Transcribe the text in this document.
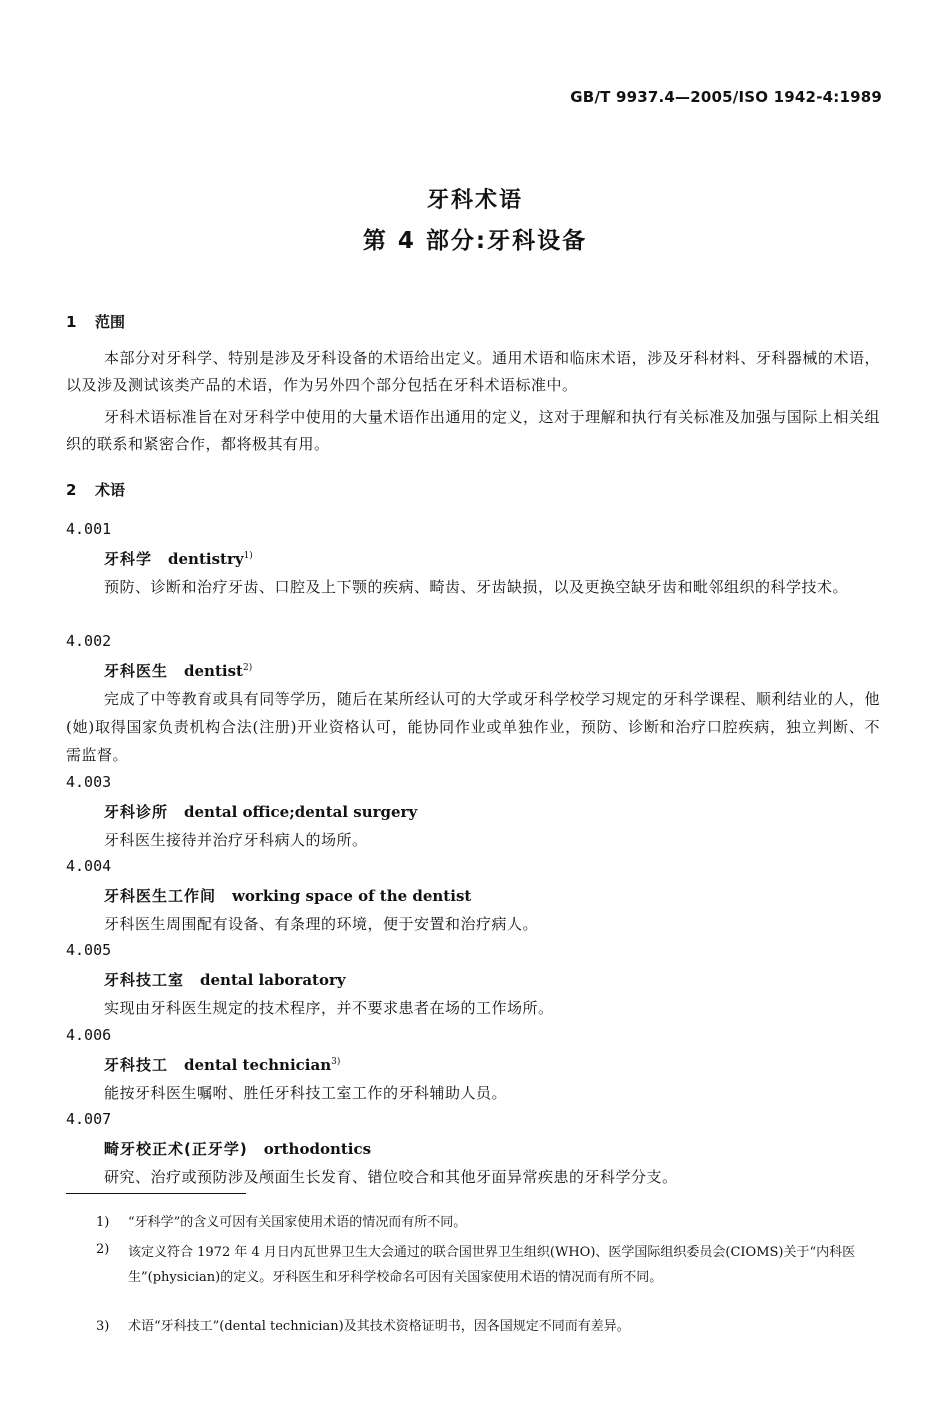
GB/T 9937.4—2005/ISO 1942-4:1989
牙科术语
第 4 部分:牙科设备
1 范围

本部分对牙科学、特别是涉及牙科设备的术语给出定义。通用术语和临床术语，涉及牙科材料、牙科器械的术语，以及涉及测试该类产品的术语，作为另外四个部分包括在牙科术语标准中。

牙科术语标准旨在对牙科学中使用的大量术语作出通用的定义，这对于理解和执行有关标准及加强与国际上相关组织的联系和紧密合作，都将极其有用。

2 术语
4.001
牙科学 dentistry$^{1)}$

预防、诊断和治疗牙齿、口腔及上下颚的疾病、畸齿、牙齿缺损，以及更换空缺牙齿和毗邻组织的科学技术。

4.002
牙科医生 dentist$^{2)}$

完成了中等教育或具有同等学历，随后在某所经认可的大学或牙科学校学习规定的牙科学课程、顺利结业的人，他(她)取得国家负责机构合法(注册)开业资格认可，能协同作业或单独作业，预防、诊断和治疗口腔疾病，独立判断、不需监督。

4.003
牙科诊所 dental office;dental surgery

牙科医生接待并治疗牙科病人的场所。

4.004
牙科医生工作间 working space of the dentist

牙科医生周围配有设备、有条理的环境，便于安置和治疗病人。

4.005
牙科技工室 dental laboratory

实现由牙科医生规定的技术程序，并不要求患者在场的工作场所。

4.006
牙科技工 dental technician$^{3)}$

能按牙科医生嘱咐、胜任牙科技工室工作的牙科辅助人员。

4.007
畸牙校正术(正牙学) orthodontics

研究、治疗或预防涉及颅面生长发育、错位咬合和其他牙面异常疾患的牙科学分支。

1) “牙科学”的含义可因有关国家使用术语的情况而有所不同。
2) 该定义符合 1972 年 4 月日内瓦世界卫生大会通过的联合国世界卫生组织(WHO)、医学国际组织委员会(CIOMS)关于“内科医生”(physician)的定义。牙科医生和牙科学校命名可因有关国家使用术语的情况而有所不同。
3) 术语“牙科技工”(dental technician)及其技术资格证明书，因各国规定不同而有差异。
